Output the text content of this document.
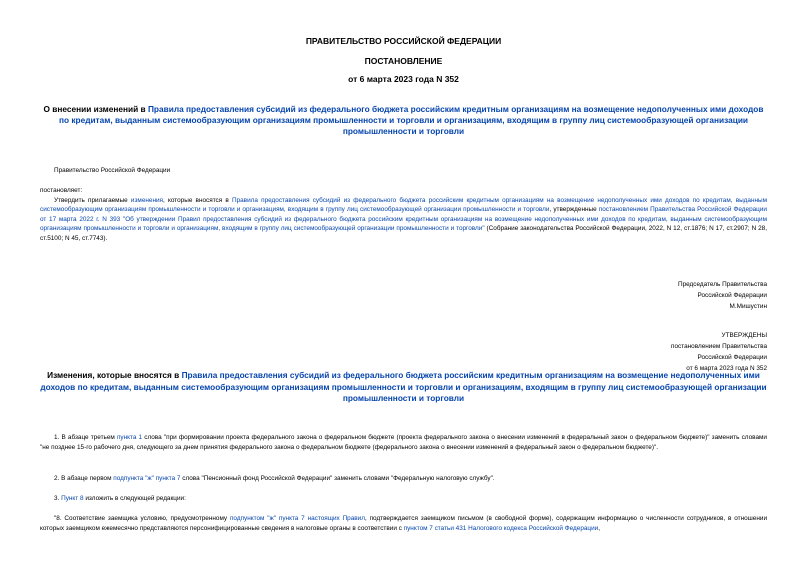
ПРАВИТЕЛЬСТВО РОССИЙСКОЙ ФЕДЕРАЦИИ
ПОСТАНОВЛЕНИЕ
от 6 марта 2023 года N 352
О внесении изменений в Правила предоставления субсидий из федерального бюджета российским кредитным организациям на возмещение недополученных ими доходов по кредитам, выданным системообразующим организациям промышленности и торговли и организациям, входящим в группу лиц системообразующей организации промышленности и торговли
Правительство Российской Федерации
постановляет:
Утвердить прилагаемые изменения, которые вносятся в Правила предоставления субсидий из федерального бюджета российским кредитным организациям на возмещение недополученных ими доходов по кредитам, выданным системообразующим организациям промышленности и торговли и организациям, входящим в группу лиц системообразующей организации промышленности и торговли, утвержденные постановлением Правительства Российской Федерации от 17 марта 2022 г. N 393 "Об утверждении Правил предоставления субсидий из федерального бюджета российским кредитным организациям на возмещение недополученных ими доходов по кредитам, выданным системообразующим организациям промышленности и торговли и организациям, входящим в группу лиц системообразующей организации промышленности и торговли" (Собрание законодательства Российской Федерации, 2022, N 12, ст.1876; N 17, ст.2907; N 28, ст.5100; N 45, ст.7743).
Председатель Правительства
Российской Федерации
М.Мишустин
УТВЕРЖДЕНЫ
постановлением Правительства
Российской Федерации
от 6 марта 2023 года N 352
Изменения, которые вносятся в Правила предоставления субсидий из федерального бюджета российским кредитным организациям на возмещение недополученных ими доходов по кредитам, выданным системообразующим организациям промышленности и торговли и организациям, входящим в группу лиц системообразующей организации промышленности и торговли
1. В абзаце третьем пункта 1 слова "при формировании проекта федерального закона о федеральном бюджете (проекта федерального закона о внесении изменений в федеральный закон о федеральном бюджете)" заменить словами "не позднее 15-го рабочего дня, следующего за днем принятия федерального закона о федеральном бюджете (федерального закона о внесении изменений в федеральный закон о федеральном бюджете)".
2. В абзаце первом подпункта "ж" пункта 7 слова "Пенсионный фонд Российской Федерации" заменить словами "Федеральную налоговую службу".
3. Пункт 8 изложить в следующей редакции:
"8. Соответствие заемщика условию, предусмотренному подпунктом "ж" пункта 7 настоящих Правил, подтверждается заемщиком письмом (в свободной форме), содержащим информацию о численности сотрудников, в отношении которых заемщиком ежемесячно представляются персонифицированные сведения в налоговые органы в соответствии с пунктом 7 статьи 431 Налогового кодекса Российской Федерации,
